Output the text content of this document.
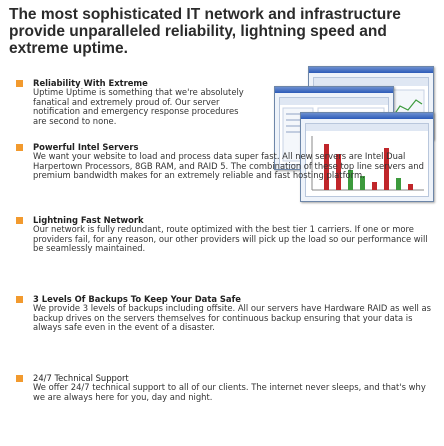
The most sophisticated IT network and infrastructure provide unparalleled reliability, lightning speed and extreme uptime.
Reliability With Extreme
Uptime Uptime is something that we're absolutely fanatical and extremely proud of. Our server notification and emergency response procedures are second to none.
Powerful Intel Servers
We want your website to load and process data super fast. All new servers are Intel Dual Harpertown Processors, 8GB RAM, and RAID 5. The combination of these top line servers and premium bandwidth makes for an extremely reliable and fast hosting platform.
Lightning Fast Network
Our network is fully redundant, route optimized with the best tier 1 carriers. If one or more providers fail, for any reason, our other providers will pick up the load so our performance will be seamlessly maintained.
3 Levels Of Backups To Keep Your Data Safe
We provide 3 levels of backups including offsite. All our servers have Hardware RAID as well as backup drives on the servers themselves for continuous backup ensuring that your data is always safe even in the event of a disaster.
24/7 Technical Support
We offer 24/7 technical support to all of our clients. The internet never sleeps, and that's why we are always here for you, day and night.
